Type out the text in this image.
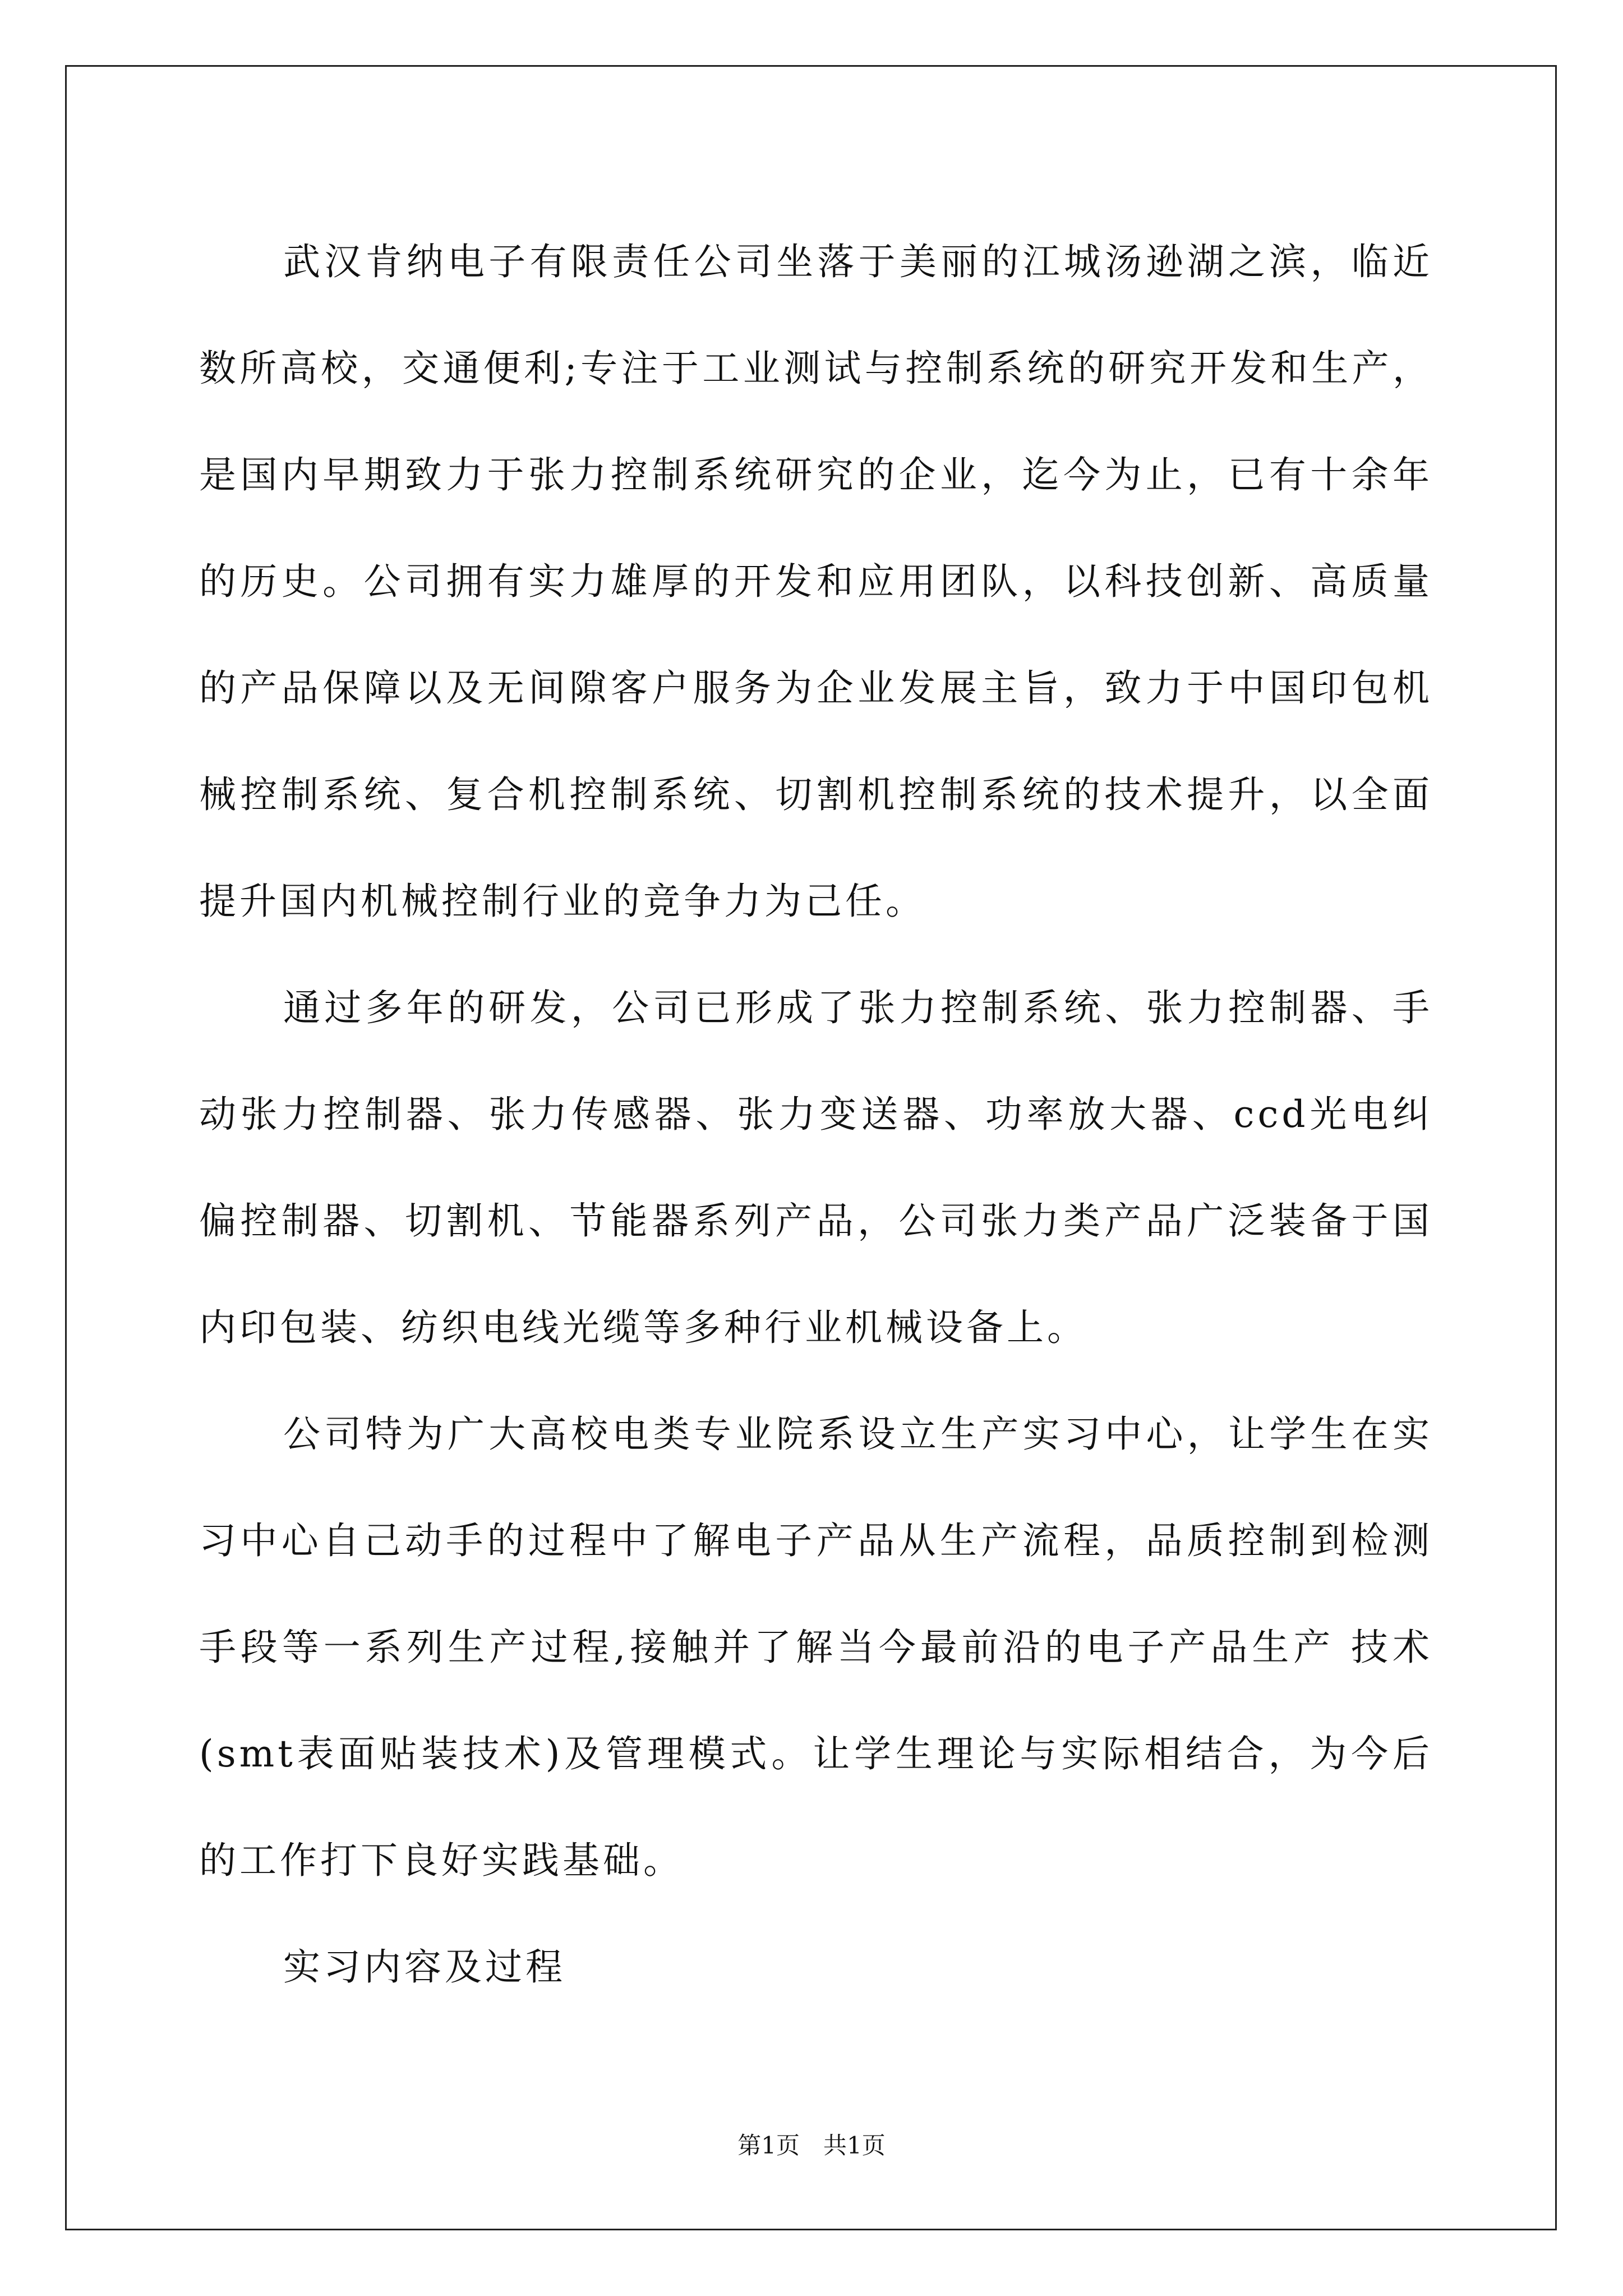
武汉肯纳电子有限责任公司坐落于美丽的江城汤逊湖之滨，临近数所高校，交通便利;专注于工业测试与控制系统的研究开发和生产，是国内早期致力于张力控制系统研究的企业，迄今为止，已有十余年的历史。公司拥有实力雄厚的开发和应用团队，以科技创新、高质量的产品保障以及无间隙客户服务为企业发展主旨，致力于中国印包机械控制系统、复合机控制系统、切割机控制系统的技术提升，以全面提升国内机械控制行业的竞争力为己任。

通过多年的研发，公司已形成了张力控制系统、张力控制器、手动张力控制器、张力传感器、张力变送器、功率放大器、ccd光电纠偏控制器、切割机、节能器系列产品，公司张力类产品广泛装备于国内印包装、纺织电线光缆等多种行业机械设备上。

公司特为广大高校电类专业院系设立生产实习中心，让学生在实习中心自己动手的过程中了解电子产品从生产流程，品质控制到检测手段等一系列生产过程,接触并了解当今最前沿的电子产品生产 技术(smt表面贴装技术)及管理模式。让学生理论与实际相结合，为今后的工作打下良好实践基础。

实习内容及过程

第1页　共1页
